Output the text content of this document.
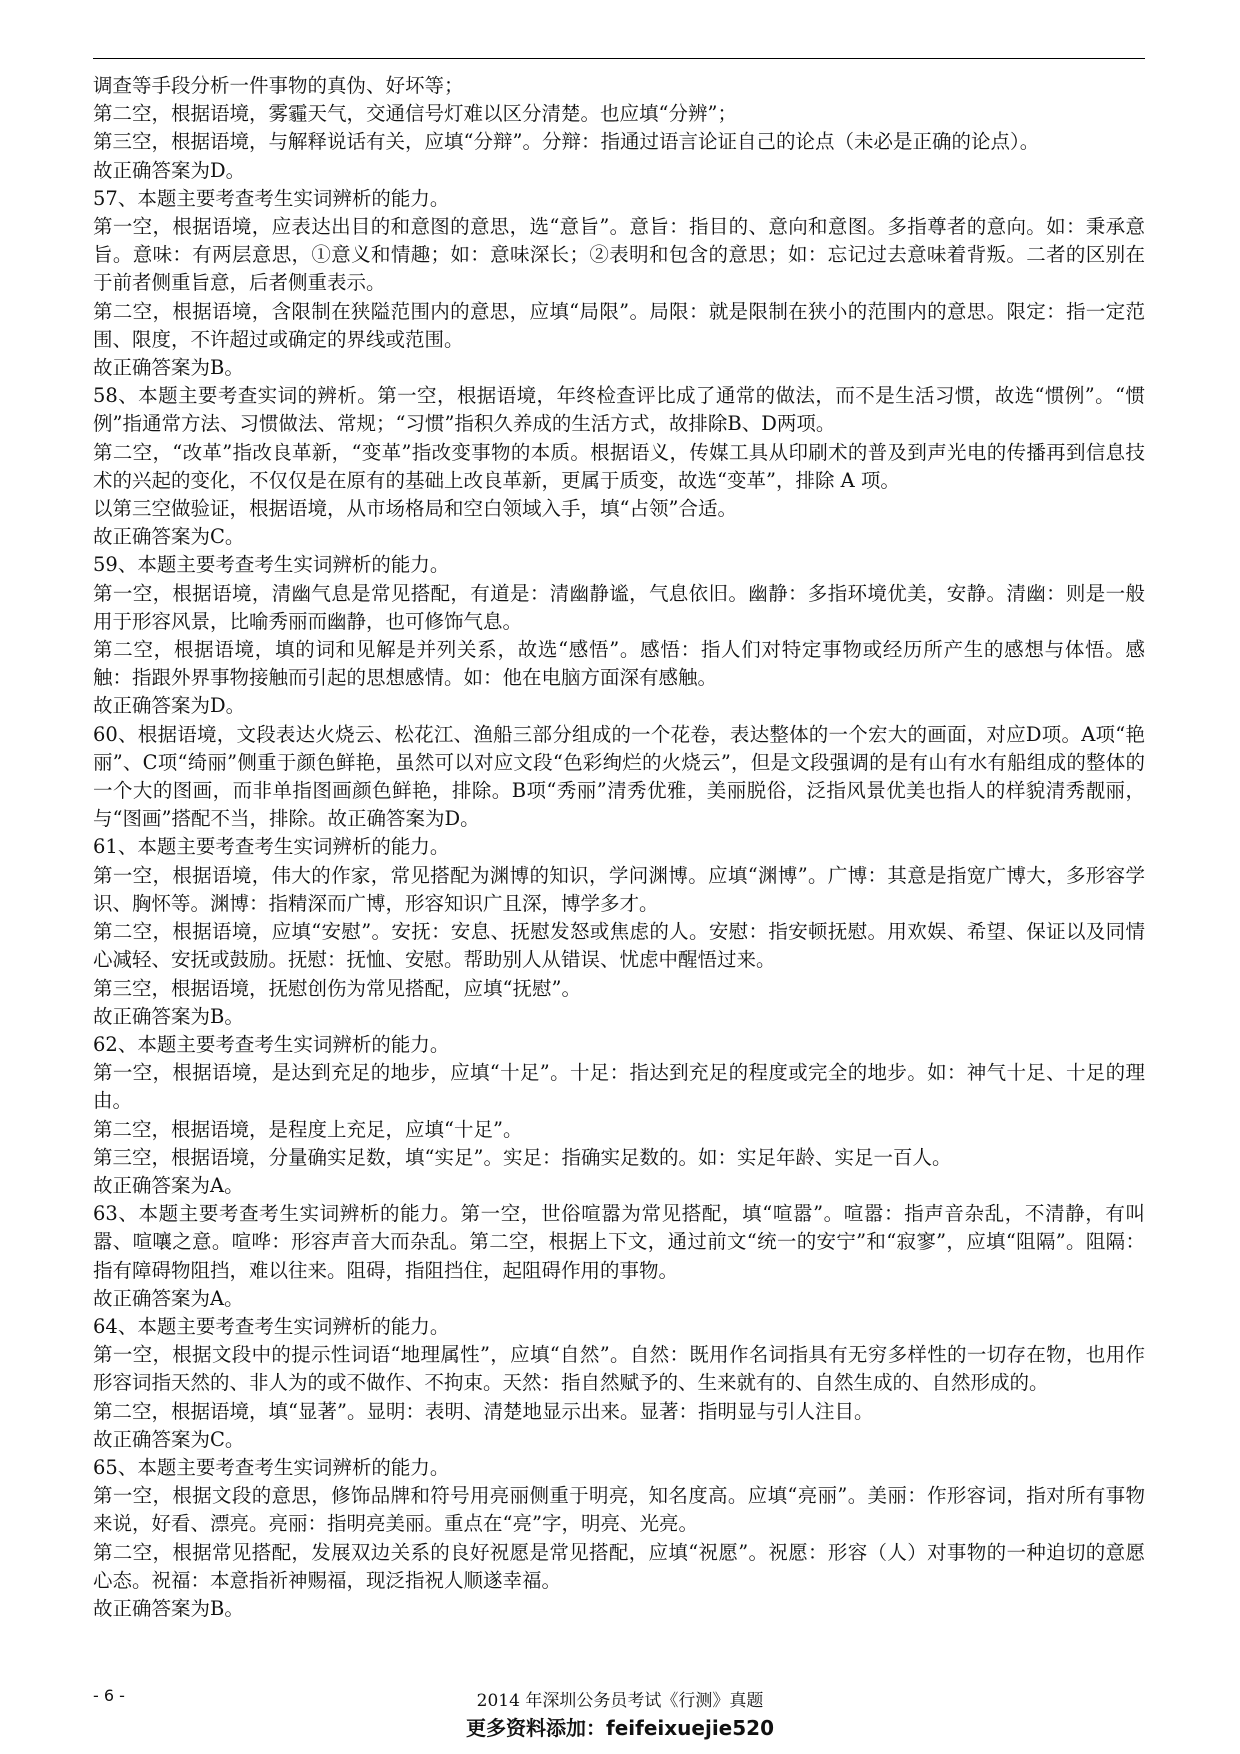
调查等手段分析一件事物的真伪、好坏等；

第二空，根据语境，雾霾天气，交通信号灯难以区分清楚。也应填“分辨”；

第三空，根据语境，与解释说话有关，应填“分辩”。分辩：指通过语言论证自己的论点（未必是正确的论点）。

故正确答案为D。

57、本题主要考查考生实词辨析的能力。

第一空，根据语境，应表达出目的和意图的意思，选“意旨”。意旨：指目的、意向和意图。多指尊者的意向。如：秉承意旨。意味：有两层意思，①意义和情趣；如：意味深长；②表明和包含的意思；如：忘记过去意味着背叛。二者的区别在于前者侧重旨意，后者侧重表示。

第二空，根据语境，含限制在狭隘范围内的意思，应填“局限”。局限：就是限制在狭小的范围内的意思。限定：指一定范围、限度，不许超过或确定的界线或范围。

故正确答案为B。

58、本题主要考查实词的辨析。第一空，根据语境，年终检查评比成了通常的做法，而不是生活习惯，故选“惯例”。“惯例”指通常方法、习惯做法、常规；“习惯”指积久养成的生活方式，故排除B、D两项。

第二空，“改革”指改良革新，“变革”指改变事物的本质。根据语义，传媒工具从印刷术的普及到声光电的传播再到信息技术的兴起的变化，不仅仅是在原有的基础上改良革新，更属于质变，故选“变革”，排除 A 项。

以第三空做验证，根据语境，从市场格局和空白领域入手，填“占领”合适。

故正确答案为C。

59、本题主要考查考生实词辨析的能力。

第一空，根据语境，清幽气息是常见搭配，有道是：清幽静谧，气息依旧。幽静：多指环境优美，安静。清幽：则是一般用于形容风景，比喻秀丽而幽静，也可修饰气息。

第二空，根据语境，填的词和见解是并列关系，故选“感悟”。感悟：指人们对特定事物或经历所产生的感想与体悟。感触：指跟外界事物接触而引起的思想感情。如：他在电脑方面深有感触。

故正确答案为D。

60、根据语境，文段表达火烧云、松花江、渔船三部分组成的一个花卷，表达整体的一个宏大的画面，对应D项。A项“艳丽”、C项“绮丽”侧重于颜色鲜艳，虽然可以对应文段“色彩绚烂的火烧云”，但是文段强调的是有山有水有船组成的整体的一个大的图画，而非单指图画颜色鲜艳，排除。B项“秀丽”清秀优雅，美丽脱俗，泛指风景优美也指人的样貌清秀靓丽，与“图画”搭配不当，排除。故正确答案为D。

61、本题主要考查考生实词辨析的能力。

第一空，根据语境，伟大的作家，常见搭配为渊博的知识，学问渊博。应填“渊博”。广博：其意是指宽广博大，多形容学识、胸怀等。渊博：指精深而广博，形容知识广且深，博学多才。

第二空，根据语境，应填“安慰”。安抚：安息、抚慰发怒或焦虑的人。安慰：指安顿抚慰。用欢娱、希望、保证以及同情心减轻、安抚或鼓励。抚慰：抚恤、安慰。帮助别人从错误、忧虑中醒悟过来。

第三空，根据语境，抚慰创伤为常见搭配，应填“抚慰”。

故正确答案为B。

62、本题主要考查考生实词辨析的能力。

第一空，根据语境，是达到充足的地步，应填“十足”。十足：指达到充足的程度或完全的地步。如：神气十足、十足的理由。

第二空，根据语境，是程度上充足，应填“十足”。

第三空，根据语境，分量确实足数，填“实足”。实足：指确实足数的。如：实足年龄、实足一百人。

故正确答案为A。

63、本题主要考查考生实词辨析的能力。第一空，世俗喧嚣为常见搭配，填“喧嚣”。喧嚣：指声音杂乱，不清静，有叫嚣、喧嚷之意。喧哗：形容声音大而杂乱。第二空，根据上下文，通过前文“统一的安宁”和“寂寥”，应填“阻隔”。阻隔：指有障碍物阻挡，难以往来。阻碍，指阻挡住，起阻碍作用的事物。

故正确答案为A。

64、本题主要考查考生实词辨析的能力。

第一空，根据文段中的提示性词语“地理属性”，应填“自然”。自然：既用作名词指具有无穷多样性的一切存在物，也用作形容词指天然的、非人为的或不做作、不拘束。天然：指自然赋予的、生来就有的、自然生成的、自然形成的。

第二空，根据语境，填“显著”。显明：表明、清楚地显示出来。显著：指明显与引人注目。

故正确答案为C。

65、本题主要考查考生实词辨析的能力。

第一空，根据文段的意思，修饰品牌和符号用亮丽侧重于明亮，知名度高。应填“亮丽”。美丽：作形容词，指对所有事物来说，好看、漂亮。亮丽：指明亮美丽。重点在“亮”字，明亮、光亮。

第二空，根据常见搭配，发展双边关系的良好祝愿是常见搭配，应填“祝愿”。祝愿：形容（人）对事物的一种迫切的意愿心态。祝福：本意指祈神赐福，现泛指祝人顺遂幸福。

故正确答案为B。

- 6 -	2014 年深圳公务员考试《行测》真题
更多资料添加：feifeixuejie520
